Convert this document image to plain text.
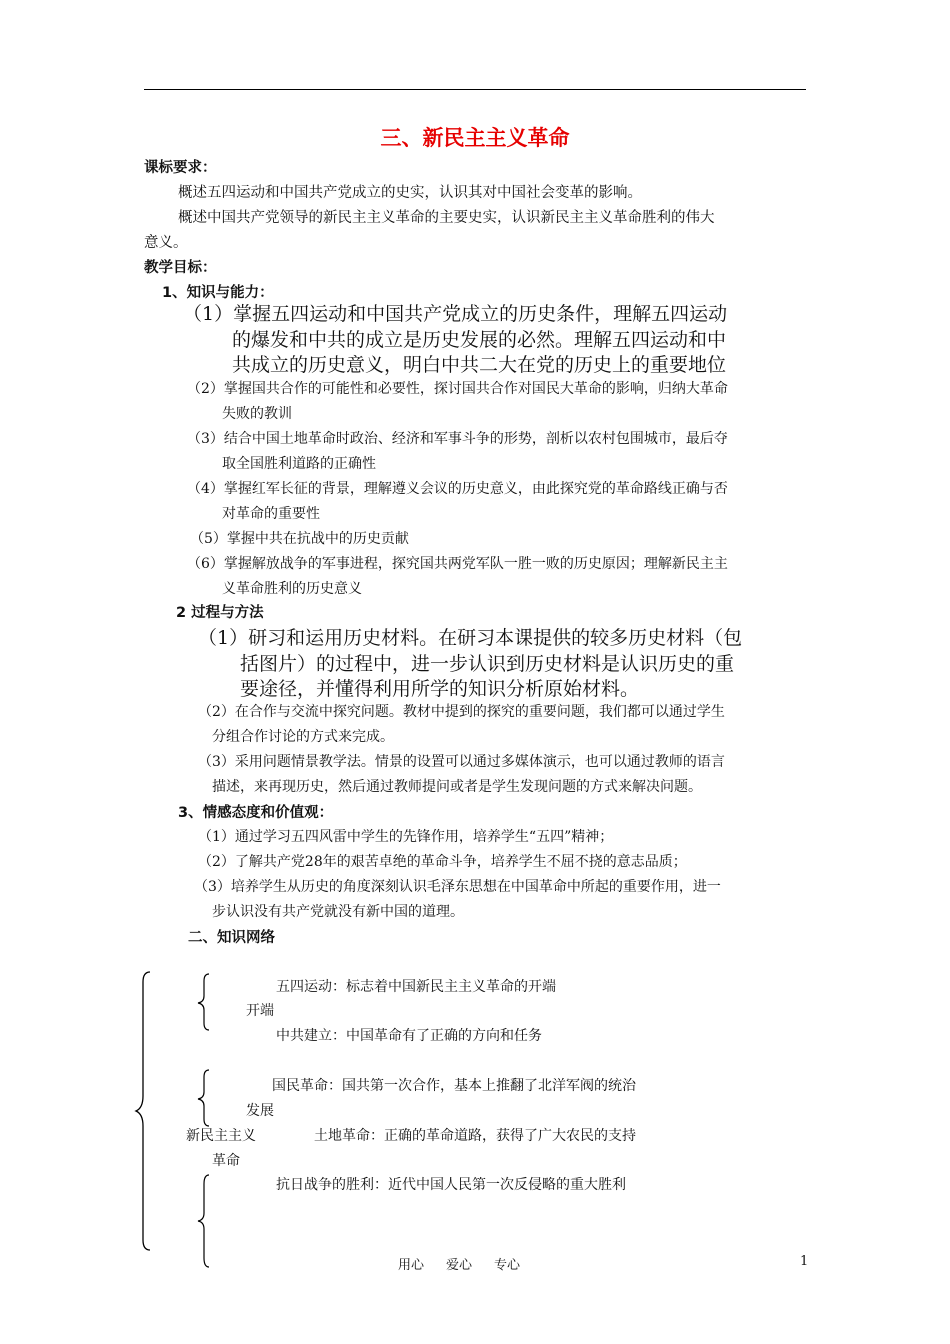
三、新民主主义革命
课标要求：
概述五四运动和中国共产党成立的史实，认识其对中国社会变革的影响。
概述中国共产党领导的新民主主义革命的主要史实，认识新民主主义革命胜利的伟大
意义。
教学目标：
1、知识与能力：
（1）掌握五四运动和中国共产党成立的历史条件，理解五四运动
的爆发和中共的成立是历史发展的必然。理解五四运动和中
共成立的历史意义，明白中共二大在党的历史上的重要地位
（2）掌握国共合作的可能性和必要性，探讨国共合作对国民大革命的影响，归纳大革命
失败的教训
（3）结合中国土地革命时政治、经济和军事斗争的形势，剖析以农村包围城市，最后夺
取全国胜利道路的正确性
（4）掌握红军长征的背景，理解遵义会议的历史意义，由此探究党的革命路线正确与否
对革命的重要性
（5）掌握中共在抗战中的历史贡献
（6）掌握解放战争的军事进程，探究国共两党军队一胜一败的历史原因；理解新民主主
义革命胜利的历史意义
2 过程与方法
（1）研习和运用历史材料。在研习本课提供的较多历史材料（包
括图片）的过程中，进一步认识到历史材料是认识历史的重
要途径，并懂得利用所学的知识分析原始材料。
（2）在合作与交流中探究问题。教材中提到的探究的重要问题，我们都可以通过学生
分组合作讨论的方式来完成。
（3）采用问题情景教学法。情景的设置可以通过多媒体演示，也可以通过教师的语言
描述，来再现历史，然后通过教师提问或者是学生发现问题的方式来解决问题。
3、情感态度和价值观：
（1）通过学习五四风雷中学生的先锋作用，培养学生“五四”精神；
（2）了解共产党28年的艰苦卓绝的革命斗争，培养学生不屈不挠的意志品质；
（3）培养学生从历史的角度深刻认识毛泽东思想在中国革命中所起的重要作用，进一
步认识没有共产党就没有新中国的道理。
二、知识网络
五四运动：标志着中国新民主主义革命的开端
开端
中共建立：中国革命有了正确的方向和任务
国民革命：国共第一次合作，基本上推翻了北洋军阀的统治
发展
新民主主义	土地革命：正确的革命道路，获得了广大农民的支持
革命
抗日战争的胜利：近代中国人民第一次反侵略的重大胜利
用心 爱心 专心	1
